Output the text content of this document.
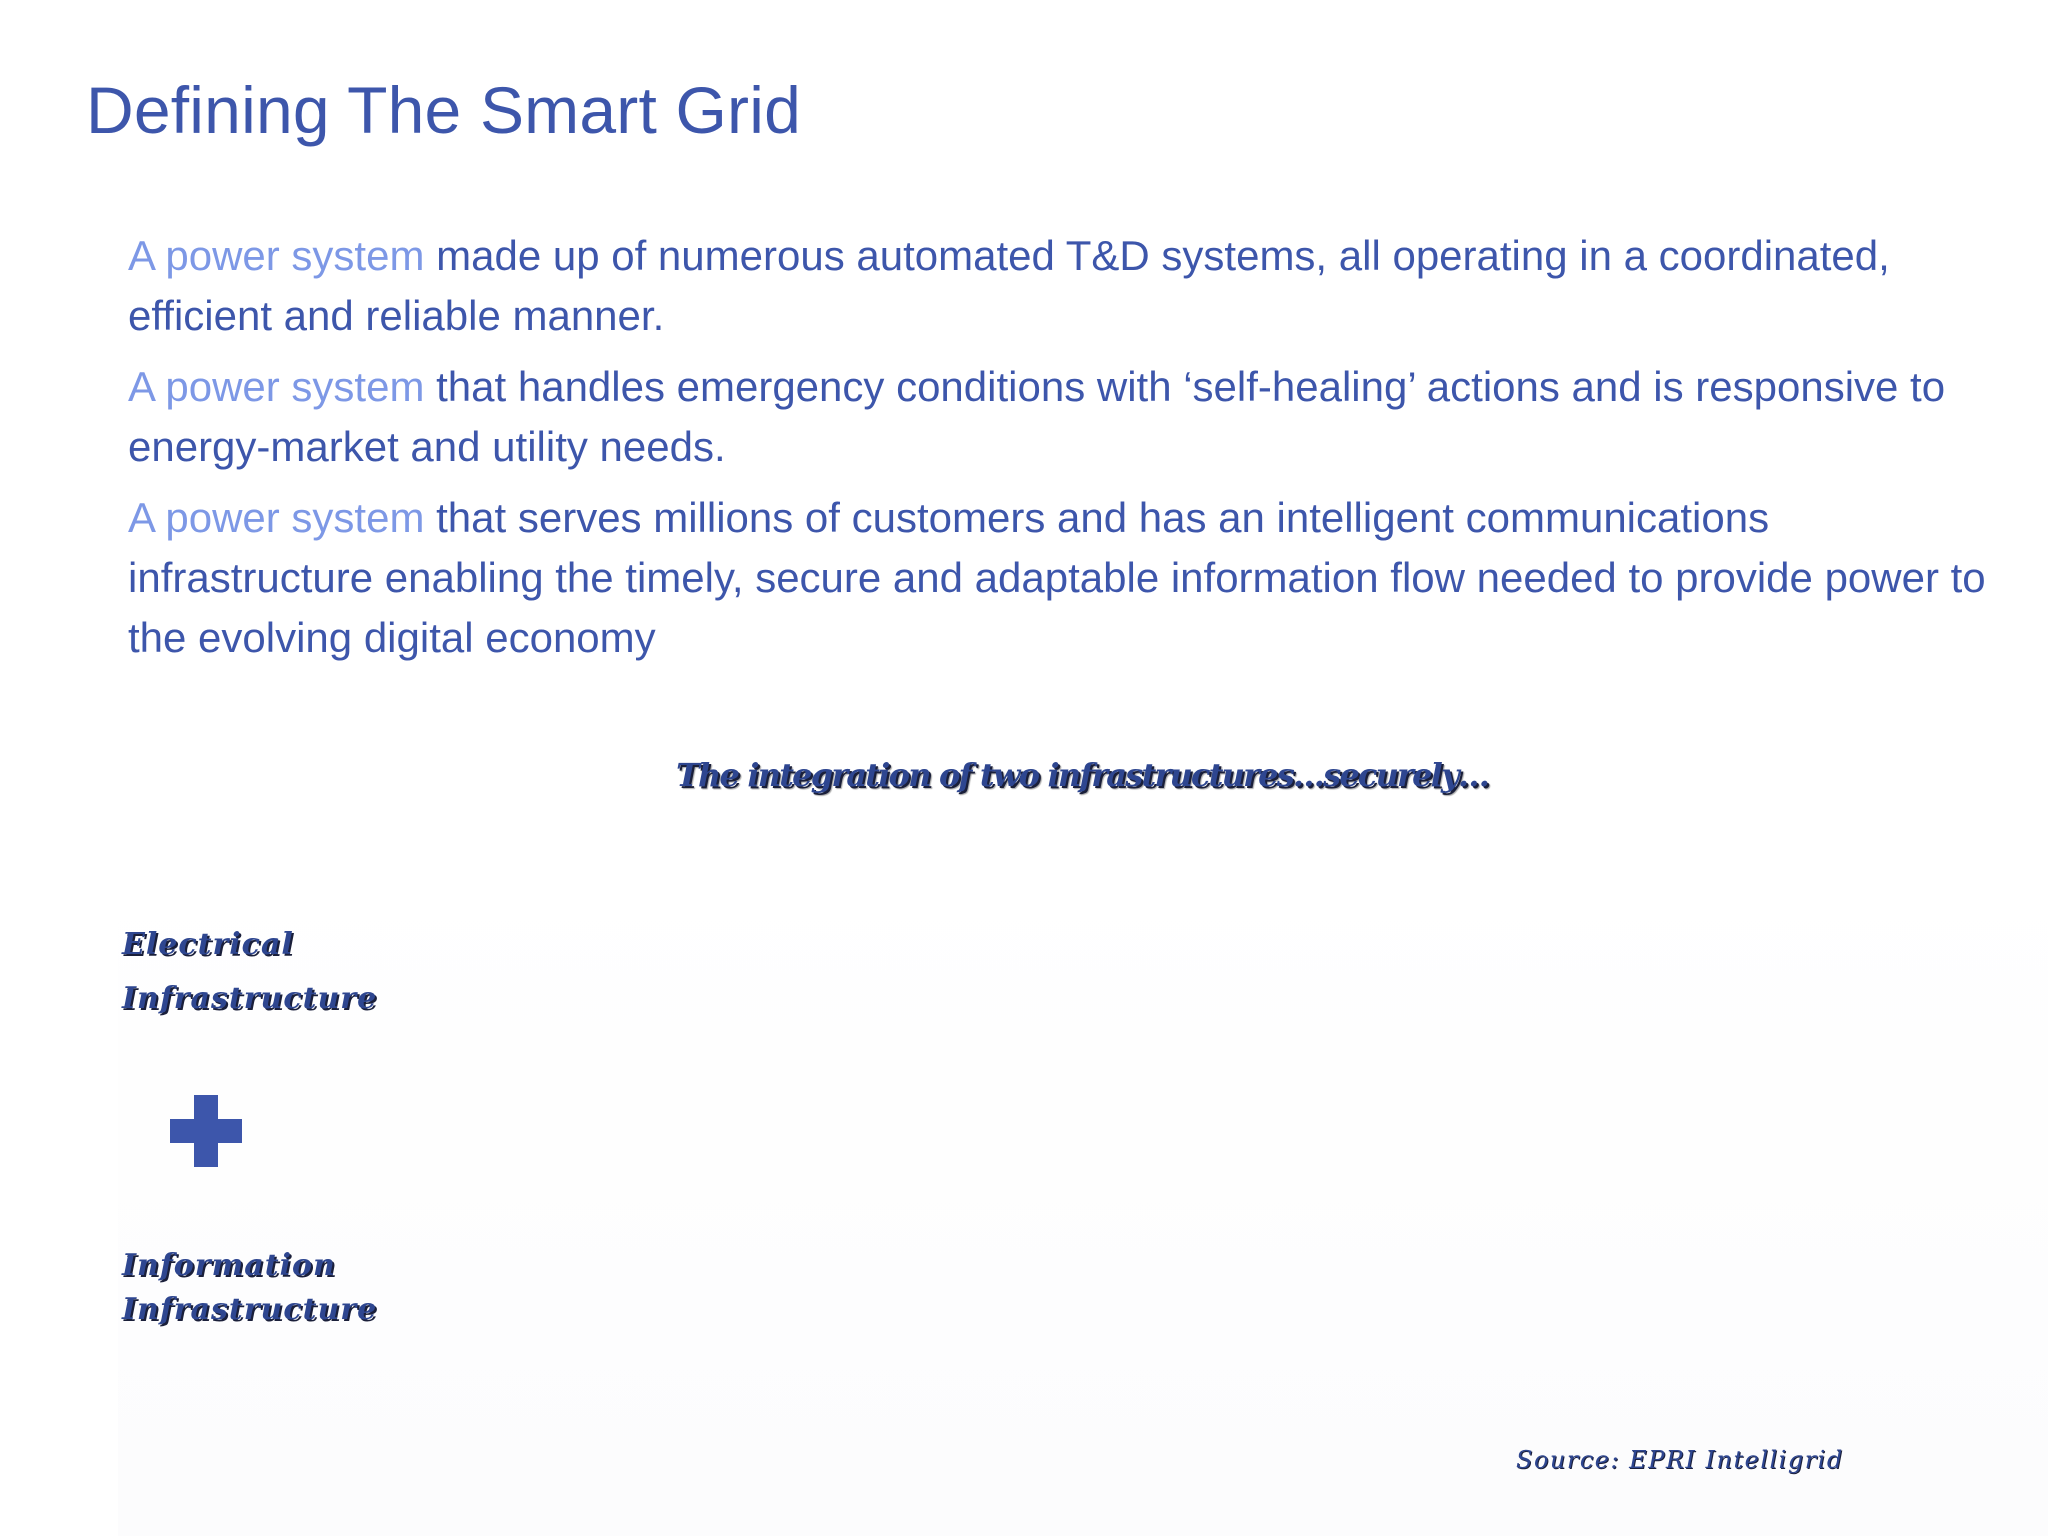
Defining The Smart Grid
A power system made up of numerous automated T&D systems, all operating in a coordinated, efficient and reliable manner.
A power system that handles emergency conditions with ‘self-healing’ actions and is responsive to energy-market and utility needs.
A power system that serves millions of customers and has an intelligent communications infrastructure enabling the timely, secure and adaptable information flow needed to provide power to the evolving digital economy
The integration of two infrastructures…securely…
Electrical
Infrastructure
Information
Infrastructure
Source: EPRI Intelligrid
